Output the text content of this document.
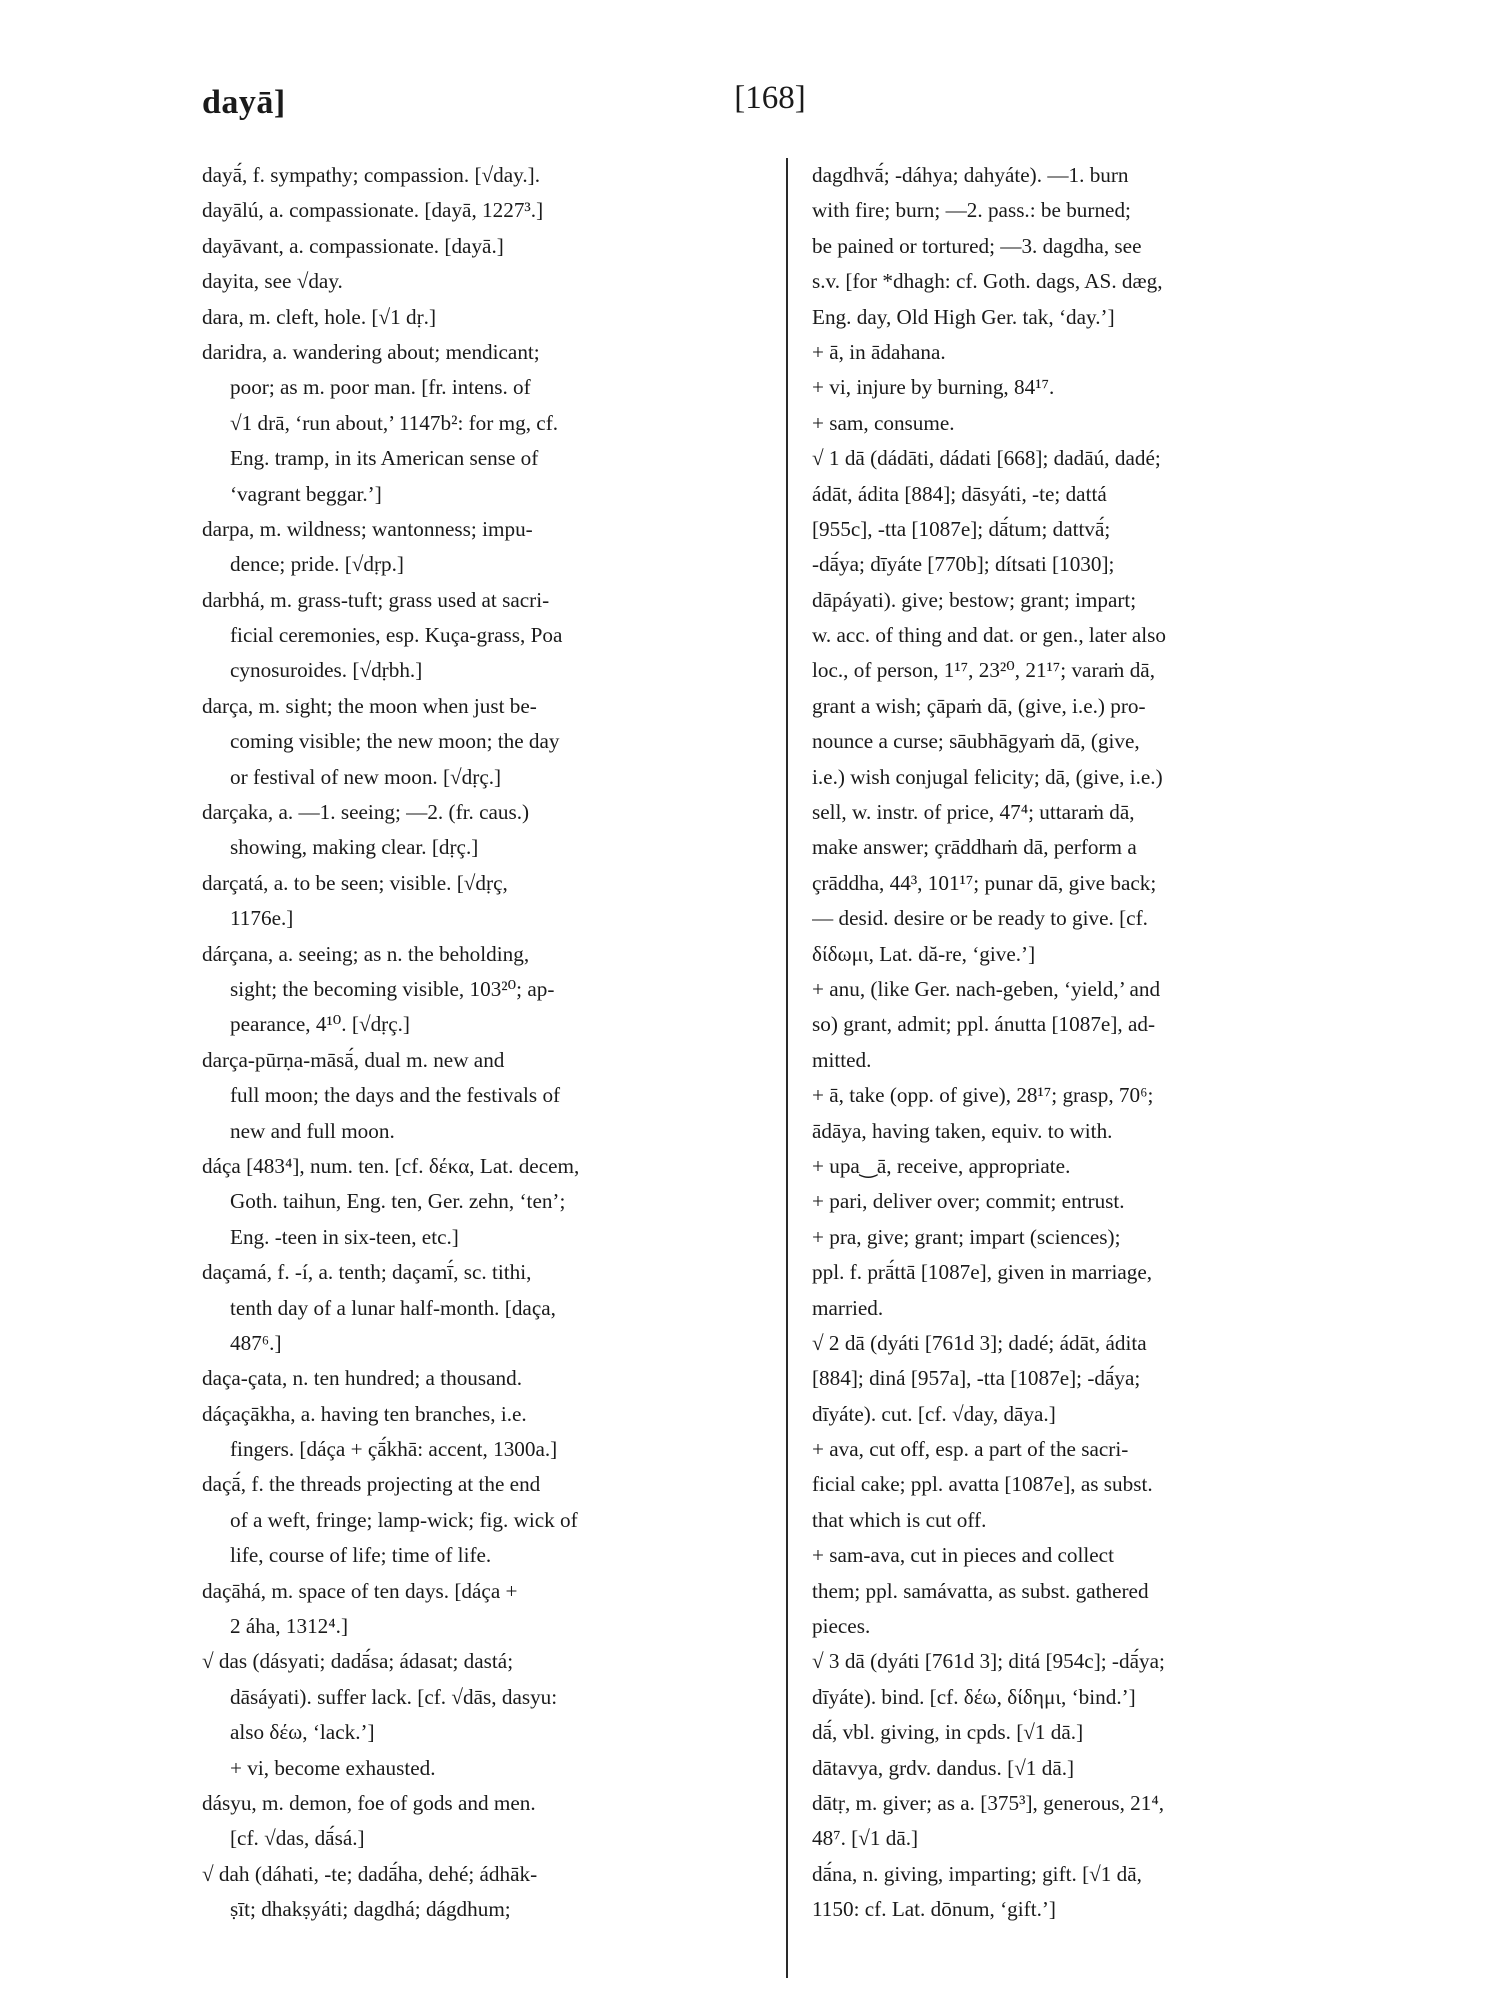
dayā]	[168]
dayā́, f. sympathy; compassion. [√day.].
dayālú, a. compassionate. [dayā, 1227³.]
dayāvant, a. compassionate. [dayā.]
dayita, see √day.
dara, m. cleft, hole. [√1 dṛ.]
daridra, a. wandering about; mendicant;
poor; as m. poor man. [fr. intens. of
√1 drā, ‘run about,’ 1147b²: for mg, cf.
Eng. tramp, in its American sense of
‘vagrant beggar.’]
darpa, m. wildness; wantonness; impu-
dence; pride. [√dṛp.]
darbhá, m. grass-tuft; grass used at sacri-
ficial ceremonies, esp. Kuça-grass, Poa
cynosuroides. [√dṛbh.]
darça, m. sight; the moon when just be-
coming visible; the new moon; the day
or festival of new moon. [√dṛç.]
darçaka, a. —1. seeing; —2. (fr. caus.)
showing, making clear. [dṛç.]
darçatá, a. to be seen; visible. [√dṛç,
1176e.]
dárçana, a. seeing; as n. the beholding,
sight; the becoming visible, 103²⁰; ap-
pearance, 4¹⁰. [√dṛç.]
darça-pūrṇa-māsā́, dual m. new and
full moon; the days and the festivals of
new and full moon.
dáça [483⁴], num. ten. [cf. δέκα, Lat. decem,
Goth. taihun, Eng. ten, Ger. zehn, ‘ten’;
Eng. -teen in six-teen, etc.]
daçamá, f. -í, a. tenth; daçamī́, sc. tithi,
tenth day of a lunar half-month. [daça,
487⁶.]
daça-çata, n. ten hundred; a thousand.
dáçaçākha, a. having ten branches, i.e.
fingers. [dáça + çā́khā: accent, 1300a.]
daçā́, f. the threads projecting at the end
of a weft, fringe; lamp-wick; fig. wick of
life, course of life; time of life.
daçāhá, m. space of ten days. [dáça +
2 áha, 1312⁴.]
√ das (dásyati; dadā́sa; ádasat; dastá;
dāsáyati). suffer lack. [cf. √dās, dasyu:
also δέω, ‘lack.’]
+ vi, become exhausted.
dásyu, m. demon, foe of gods and men.
[cf. √das, dā́sá.]
√ dah (dáhati, -te; dadā́ha, dehé; ádhāk-
ṣīt; dhakṣyáti; dagdhá; dágdhum;
dagdhvā́; -dáhya; dahyáte). —1. burn
with fire; burn; —2. pass.: be burned;
be pained or tortured; —3. dagdha, see
s.v. [for *dhagh: cf. Goth. dags, AS. dæg,
Eng. day, Old High Ger. tak, ‘day.’]
+ ā, in ādahana.
+ vi, injure by burning, 84¹⁷.
+ sam, consume.
√ 1 dā (dádāti, dádati [668]; dadāú, dadé;
ádāt, ádita [884]; dāsyáti, -te; dattá
[955c], -tta [1087e]; dā́tum; dattvā́;
-dā́ya; dīyáte [770b]; dítsati [1030];
dāpáyati). give; bestow; grant; impart;
w. acc. of thing and dat. or gen., later also
loc., of person, 1¹⁷, 23²⁰, 21¹⁷; varaṁ dā,
grant a wish; çāpaṁ dā, (give, i.e.) pro-
nounce a curse; sāubhāgyaṁ dā, (give,
i.e.) wish conjugal felicity; dā, (give, i.e.)
sell, w. instr. of price, 47⁴; uttaraṁ dā,
make answer; çrāddhaṁ dā, perform a
çrāddha, 44³, 101¹⁷; punar dā, give back;
— desid. desire or be ready to give. [cf.
δίδωμι, Lat. dă-re, ‘give.’]
+ anu, (like Ger. nach-geben, ‘yield,’ and
so) grant, admit; ppl. ánutta [1087e], ad-
mitted.
+ ā, take (opp. of give), 28¹⁷; grasp, 70⁶;
ādāya, having taken, equiv. to with.
+ upa‿ā, receive, appropriate.
+ pari, deliver over; commit; entrust.
+ pra, give; grant; impart (sciences);
ppl. f. prā́ttā [1087e], given in marriage,
married.
√ 2 dā (dyáti [761d 3]; dadé; ádāt, ádita
[884]; diná [957a], -tta [1087e]; -dā́ya;
dīyáte). cut. [cf. √day, dāya.]
+ ava, cut off, esp. a part of the sacri-
ficial cake; ppl. avatta [1087e], as subst.
that which is cut off.
+ sam-ava, cut in pieces and collect
them; ppl. samávatta, as subst. gathered
pieces.
√ 3 dā (dyáti [761d 3]; ditá [954c]; -dā́ya;
dīyáte). bind. [cf. δέω, δίδημι, ‘bind.’]
dā́, vbl. giving, in cpds. [√1 dā.]
dātavya, grdv. dandus. [√1 dā.]
dātṛ, m. giver; as a. [375³], generous, 21⁴,
48⁷. [√1 dā.]
dā́na, n. giving, imparting; gift. [√1 dā,
1150: cf. Lat. dōnum, ‘gift.’]
